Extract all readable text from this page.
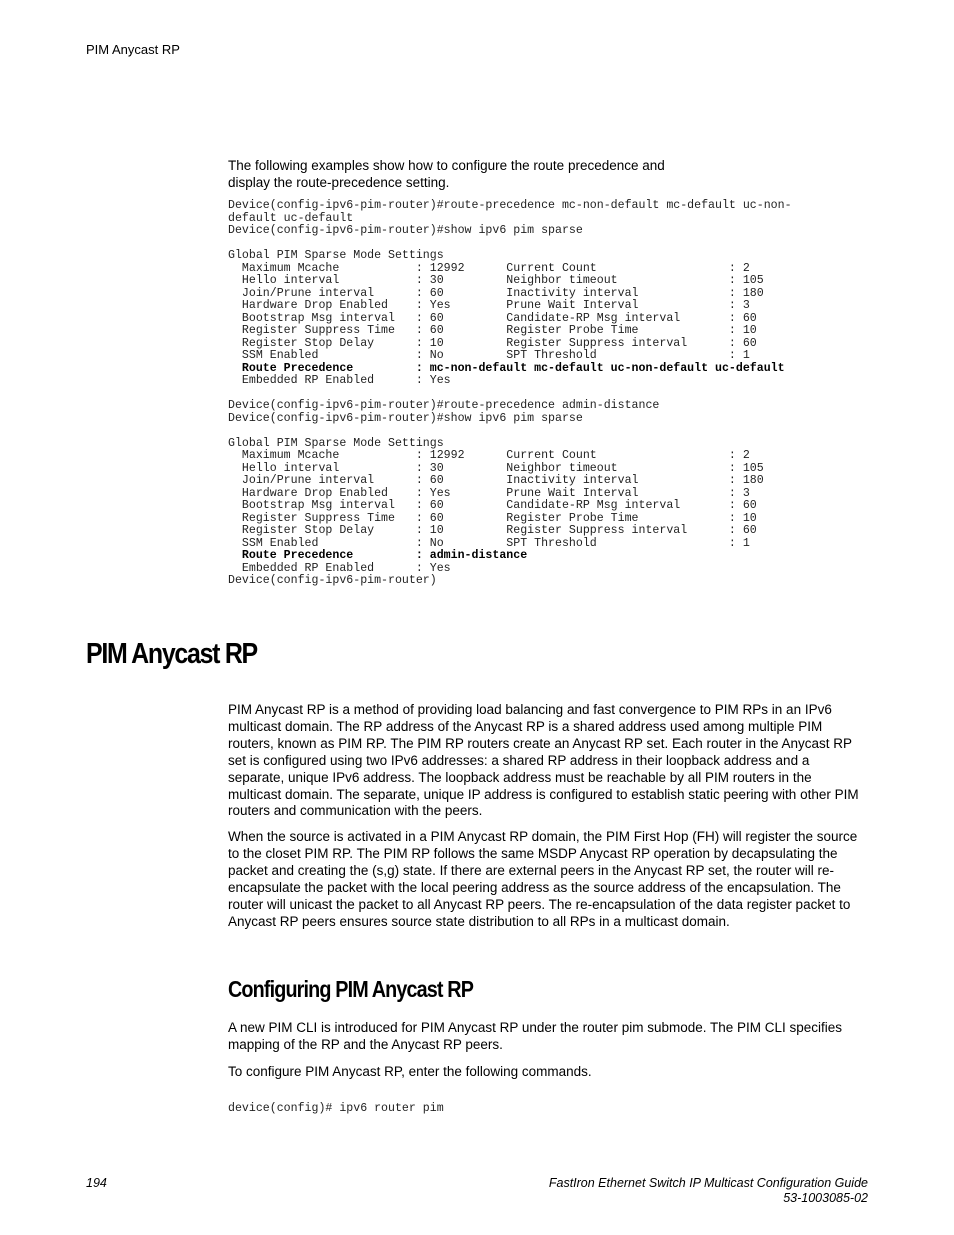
PIM Anycast RP
The following examples show how to configure the route precedence and
display the route-precedence setting.
Device(config-ipv6-pim-router)#route-precedence mc-non-default mc-default uc-non-
default uc-default
Device(config-ipv6-pim-router)#show ipv6 pim sparse

Global PIM Sparse Mode Settings
Maximum Mcache           : 12992      Current Count                   : 2
Hello interval           : 30         Neighbor timeout                : 105
Join/Prune interval      : 60         Inactivity interval             : 180
Hardware Drop Enabled    : Yes        Prune Wait Interval             : 3
Bootstrap Msg interval   : 60         Candidate-RP Msg interval       : 60
Register Suppress Time   : 60         Register Probe Time             : 10
Register Stop Delay      : 10         Register Suppress interval      : 60
SSM Enabled              : No         SPT Threshold                   : 1
Route Precedence         : mc-non-default mc-default uc-non-default uc-default
Embedded RP Enabled      : Yes

Device(config-ipv6-pim-router)#route-precedence admin-distance
Device(config-ipv6-pim-router)#show ipv6 pim sparse

Global PIM Sparse Mode Settings
Maximum Mcache           : 12992      Current Count                   : 2
Hello interval           : 30         Neighbor timeout                : 105
Join/Prune interval      : 60         Inactivity interval             : 180
Hardware Drop Enabled    : Yes        Prune Wait Interval             : 3
Bootstrap Msg interval   : 60         Candidate-RP Msg interval       : 60
Register Suppress Time   : 60         Register Probe Time             : 10
Register Stop Delay      : 10         Register Suppress interval      : 60
SSM Enabled              : No         SPT Threshold                   : 1
Route Precedence         : admin-distance
Embedded RP Enabled      : Yes
Device(config-ipv6-pim-router)
PIM Anycast RP

PIM Anycast RP is a method of providing load balancing and fast convergence to PIM RPs in an IPv6 multicast domain. The RP address of the Anycast RP is a shared address used among multiple PIM routers, known as PIM RP. The PIM RP routers create an Anycast RP set. Each router in the Anycast RP set is configured using two IPv6 addresses: a shared RP address in their loopback address and a separate, unique IPv6 address. The loopback address must be reachable by all PIM routers in the multicast domain. The separate, unique IP address is configured to establish static peering with other PIM routers and communication with the peers.

When the source is activated in a PIM Anycast RP domain, the PIM First Hop (FH) will register the source to the closet PIM RP. The PIM RP follows the same MSDP Anycast RP operation by decapsulating the packet and creating the (s,g) state. If there are external peers in the Anycast RP set, the router will re-encapsulate the packet with the local peering address as the source address of the encapsulation. The router will unicast the packet to all Anycast RP peers. The re-encapsulation of the data register packet to Anycast RP peers ensures source state distribution to all RPs in a multicast domain.

Configuring PIM Anycast RP

A new PIM CLI is introduced for PIM Anycast RP under the router pim submode. The PIM CLI specifies mapping of the RP and the Anycast RP peers.

To configure PIM Anycast RP, enter the following commands.

device(config)# ipv6 router pim
194	FastIron Ethernet Switch IP Multicast Configuration Guide
53-1003085-02
